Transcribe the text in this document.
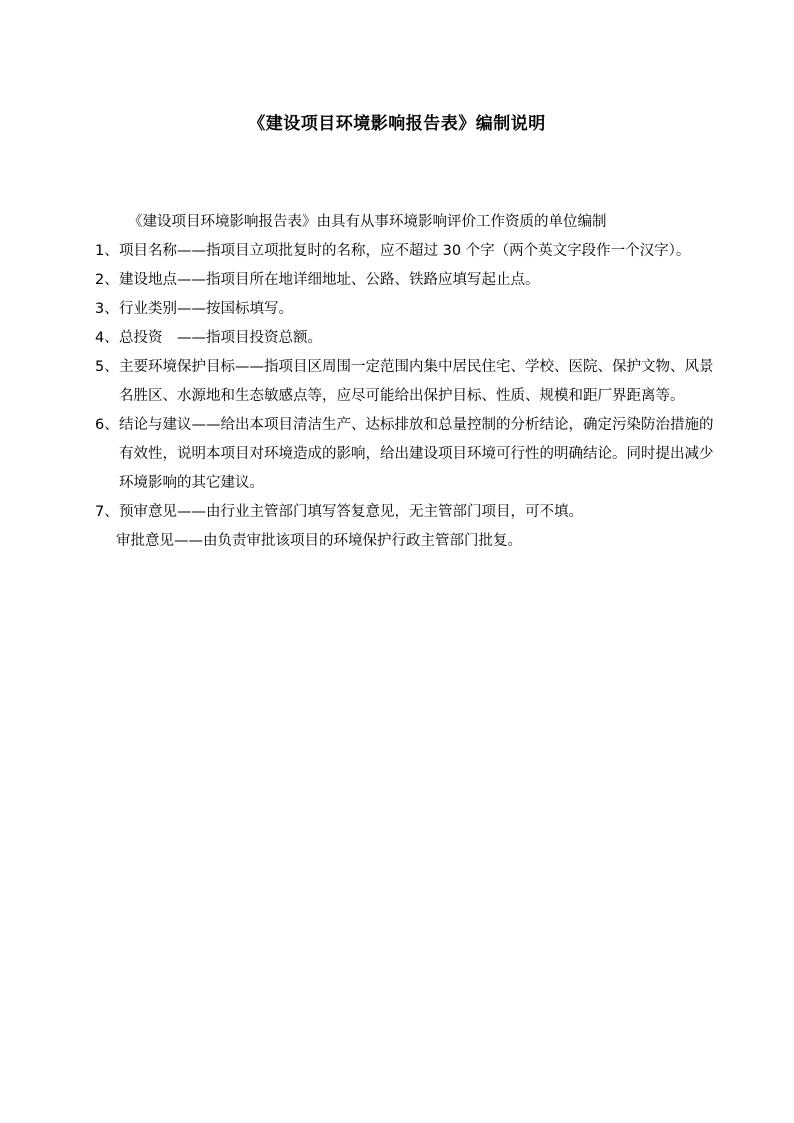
《建设项目环境影响报告表》编制说明
《建设项目环境影响报告表》由具有从事环境影响评价工作资质的单位编制
1、 项目名称——指项目立项批复时的名称，应不超过 30 个字（两个英文字段作一个汉字）。
2、 建设地点——指项目所在地详细地址、公路、铁路应填写起止点。
3、 行业类别——按国标填写。
4、 总投资　——指项目投资总额。
5、 主要环境保护目标——指项目区周围一定范围内集中居民住宅、学校、医院、保护文物、风景名胜区、水源地和生态敏感点等，应尽可能给出保护目标、性质、规模和距厂界距离等。
6、 结论与建议——给出本项目清洁生产、达标排放和总量控制的分析结论，确定污染防治措施的有效性，说明本项目对环境造成的影响，给出建设项目环境可行性的明确结论。同时提出减少环境影响的其它建议。
7、 预审意见——由行业主管部门填写答复意见，无主管部门项目，可不填。
审批意见——由负责审批该项目的环境保护行政主管部门批复。
